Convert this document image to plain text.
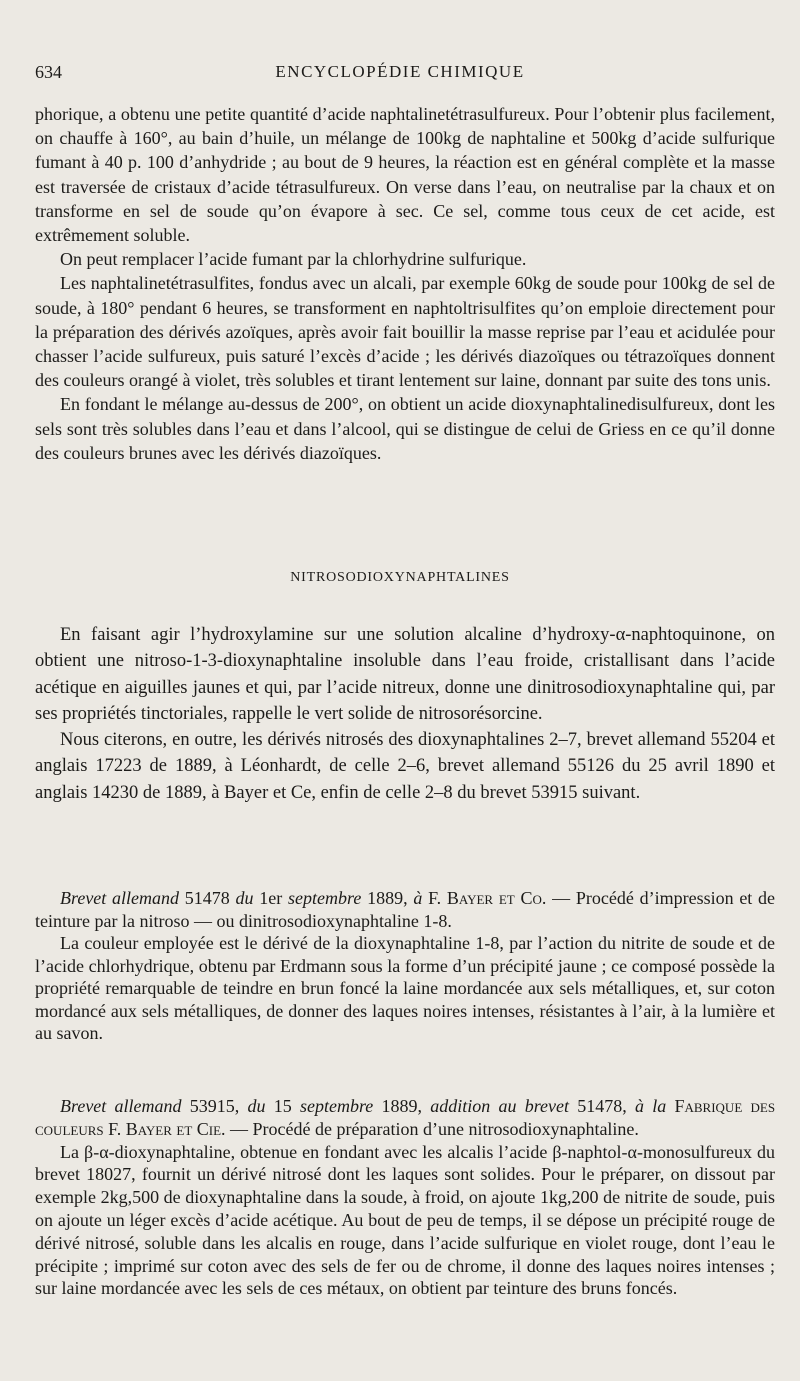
634	ENCYCLOPÉDIE CHIMIQUE

phorique, a obtenu une petite quantité d’acide naphtalinetétrasulfureux. Pour l’obtenir plus facilement, on chauffe à 160°, au bain d’huile, un mélange de 100kg de naphtaline et 500kg d’acide sulfurique fumant à 40 p. 100 d’anhydride ; au bout de 9 heures, la réaction est en général complète et la masse est traversée de cristaux d’acide tétrasulfureux. On verse dans l’eau, on neutralise par la chaux et on transforme en sel de soude qu’on évapore à sec. Ce sel, comme tous ceux de cet acide, est extrêmement soluble.

On peut remplacer l’acide fumant par la chlorhydrine sulfurique.

Les naphtalinetétrasulfites, fondus avec un alcali, par exemple 60kg de soude pour 100kg de sel de soude, à 180° pendant 6 heures, se transforment en naphtoltrisulfites qu’on emploie directement pour la préparation des dérivés azoïques, après avoir fait bouillir la masse reprise par l’eau et acidulée pour chasser l’acide sulfureux, puis saturé l’excès d’acide ; les dérivés diazoïques ou tétrazoïques donnent des couleurs orangé à violet, très solubles et tirant lentement sur laine, donnant par suite des tons unis.

En fondant le mélange au-dessus de 200°, on obtient un acide dioxynaphtalinedisulfureux, dont les sels sont très solubles dans l’eau et dans l’alcool, qui se distingue de celui de Griess en ce qu’il donne des couleurs brunes avec les dérivés diazoïques.

NITROSODIOXYNAPHTALINES

En faisant agir l’hydroxylamine sur une solution alcaline d’hydroxy-α-naphtoquinone, on obtient une nitroso-1-3-dioxynaphtaline insoluble dans l’eau froide, cristallisant dans l’acide acétique en aiguilles jaunes et qui, par l’acide nitreux, donne une dinitrosodioxynaphtaline qui, par ses propriétés tinctoriales, rappelle le vert solide de nitrosorésorcine.

Nous citerons, en outre, les dérivés nitrosés des dioxynaphtalines 2–7, brevet allemand 55204 et anglais 17223 de 1889, à Léonhardt, de celle 2–6, brevet allemand 55126 du 25 avril 1890 et anglais 14230 de 1889, à Bayer et Ce, enfin de celle 2–8 du brevet 53915 suivant.

Brevet allemand 51478 du 1er septembre 1889, à F. Bayer et Co. — Procédé d’impression et de teinture par la nitroso — ou dinitrosodioxynaphtaline 1-8.

La couleur employée est le dérivé de la dioxynaphtaline 1-8, par l’action du nitrite de soude et de l’acide chlorhydrique, obtenu par Erdmann sous la forme d’un précipité jaune ; ce composé possède la propriété remarquable de teindre en brun foncé la laine mordancée aux sels métalliques, et, sur coton mordancé aux sels métalliques, de donner des laques noires intenses, résistantes à l’air, à la lumière et au savon.

Brevet allemand 53915, du 15 septembre 1889, addition au brevet 51478, à la Fabrique des couleurs F. Bayer et Cie. — Procédé de préparation d’une nitrosodioxynaphtaline.

La β-α-dioxynaphtaline, obtenue en fondant avec les alcalis l’acide β-naphtol-α-monosulfureux du brevet 18027, fournit un dérivé nitrosé dont les laques sont solides. Pour le préparer, on dissout par exemple 2kg,500 de dioxynaphtaline dans la soude, à froid, on ajoute 1kg,200 de nitrite de soude, puis on ajoute un léger excès d’acide acétique. Au bout de peu de temps, il se dépose un précipité rouge de dérivé nitrosé, soluble dans les alcalis en rouge, dans l’acide sulfurique en violet rouge, dont l’eau le précipite ; imprimé sur coton avec des sels de fer ou de chrome, il donne des laques noires intenses ; sur laine mordancée avec les sels de ces métaux, on obtient par teinture des bruns foncés.
